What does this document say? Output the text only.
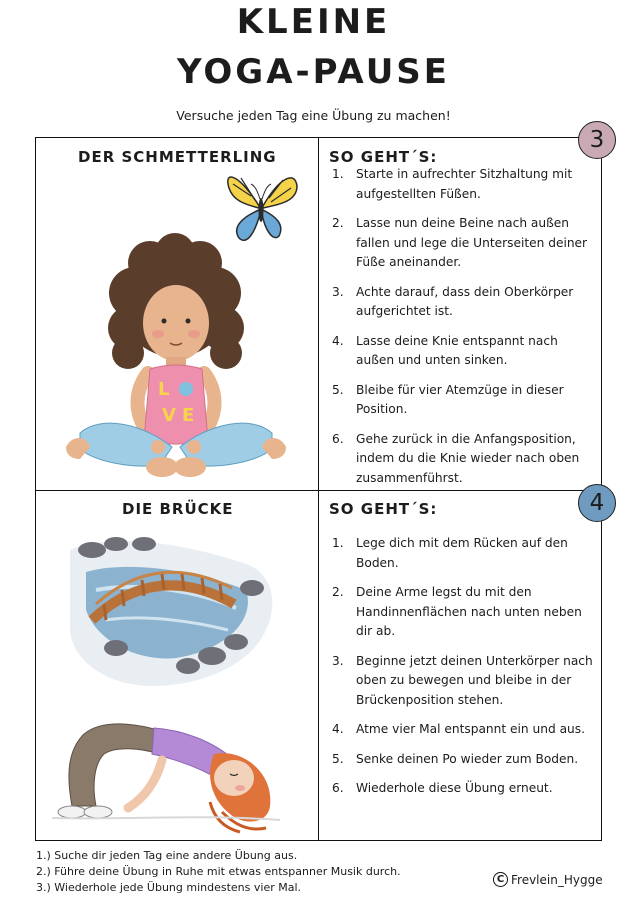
KLEINE
YOGA-PAUSE
Versuche jeden Tag eine Übung zu machen!
DER SCHMETTERLING	SO GEHT´S:
1. Starte in aufrechter Sitzhaltung mit aufgestellten Füßen.
2. Lasse nun deine Beine nach außen fallen und lege die Unterseiten deiner Füße aneinander.
3. Achte darauf, dass dein Oberkörper aufgerichtet ist.
4. Lasse deine Knie entspannt nach außen und unten sinken.
5. Bleibe für vier Atemzüge in dieser Position.
6. Gehe zurück in die Anfangsposition, indem du die Knie wieder nach oben zusammenführst.
L
V E
DIE BRÜCKE	SO GEHT´S:
1. Lege dich mit dem Rücken auf den Boden.
2. Deine Arme legst du mit den Handinnenflächen nach unten neben dir ab.
3. Beginne jetzt deinen Unterkörper nach oben zu bewegen und bleibe in der Brückenposition stehen.
4. Atme vier Mal entspannt ein und aus.
5. Senke deinen Po wieder zum Boden.
6. Wiederhole diese Übung erneut.
3
4
1.) Suche dir jeden Tag eine andere Übung aus.
2.) Führe deine Übung in Ruhe mit etwas entspanner Musik durch.
3.) Wiederhole jede Übung mindestens vier Mal.
C Frevlein_Hygge
